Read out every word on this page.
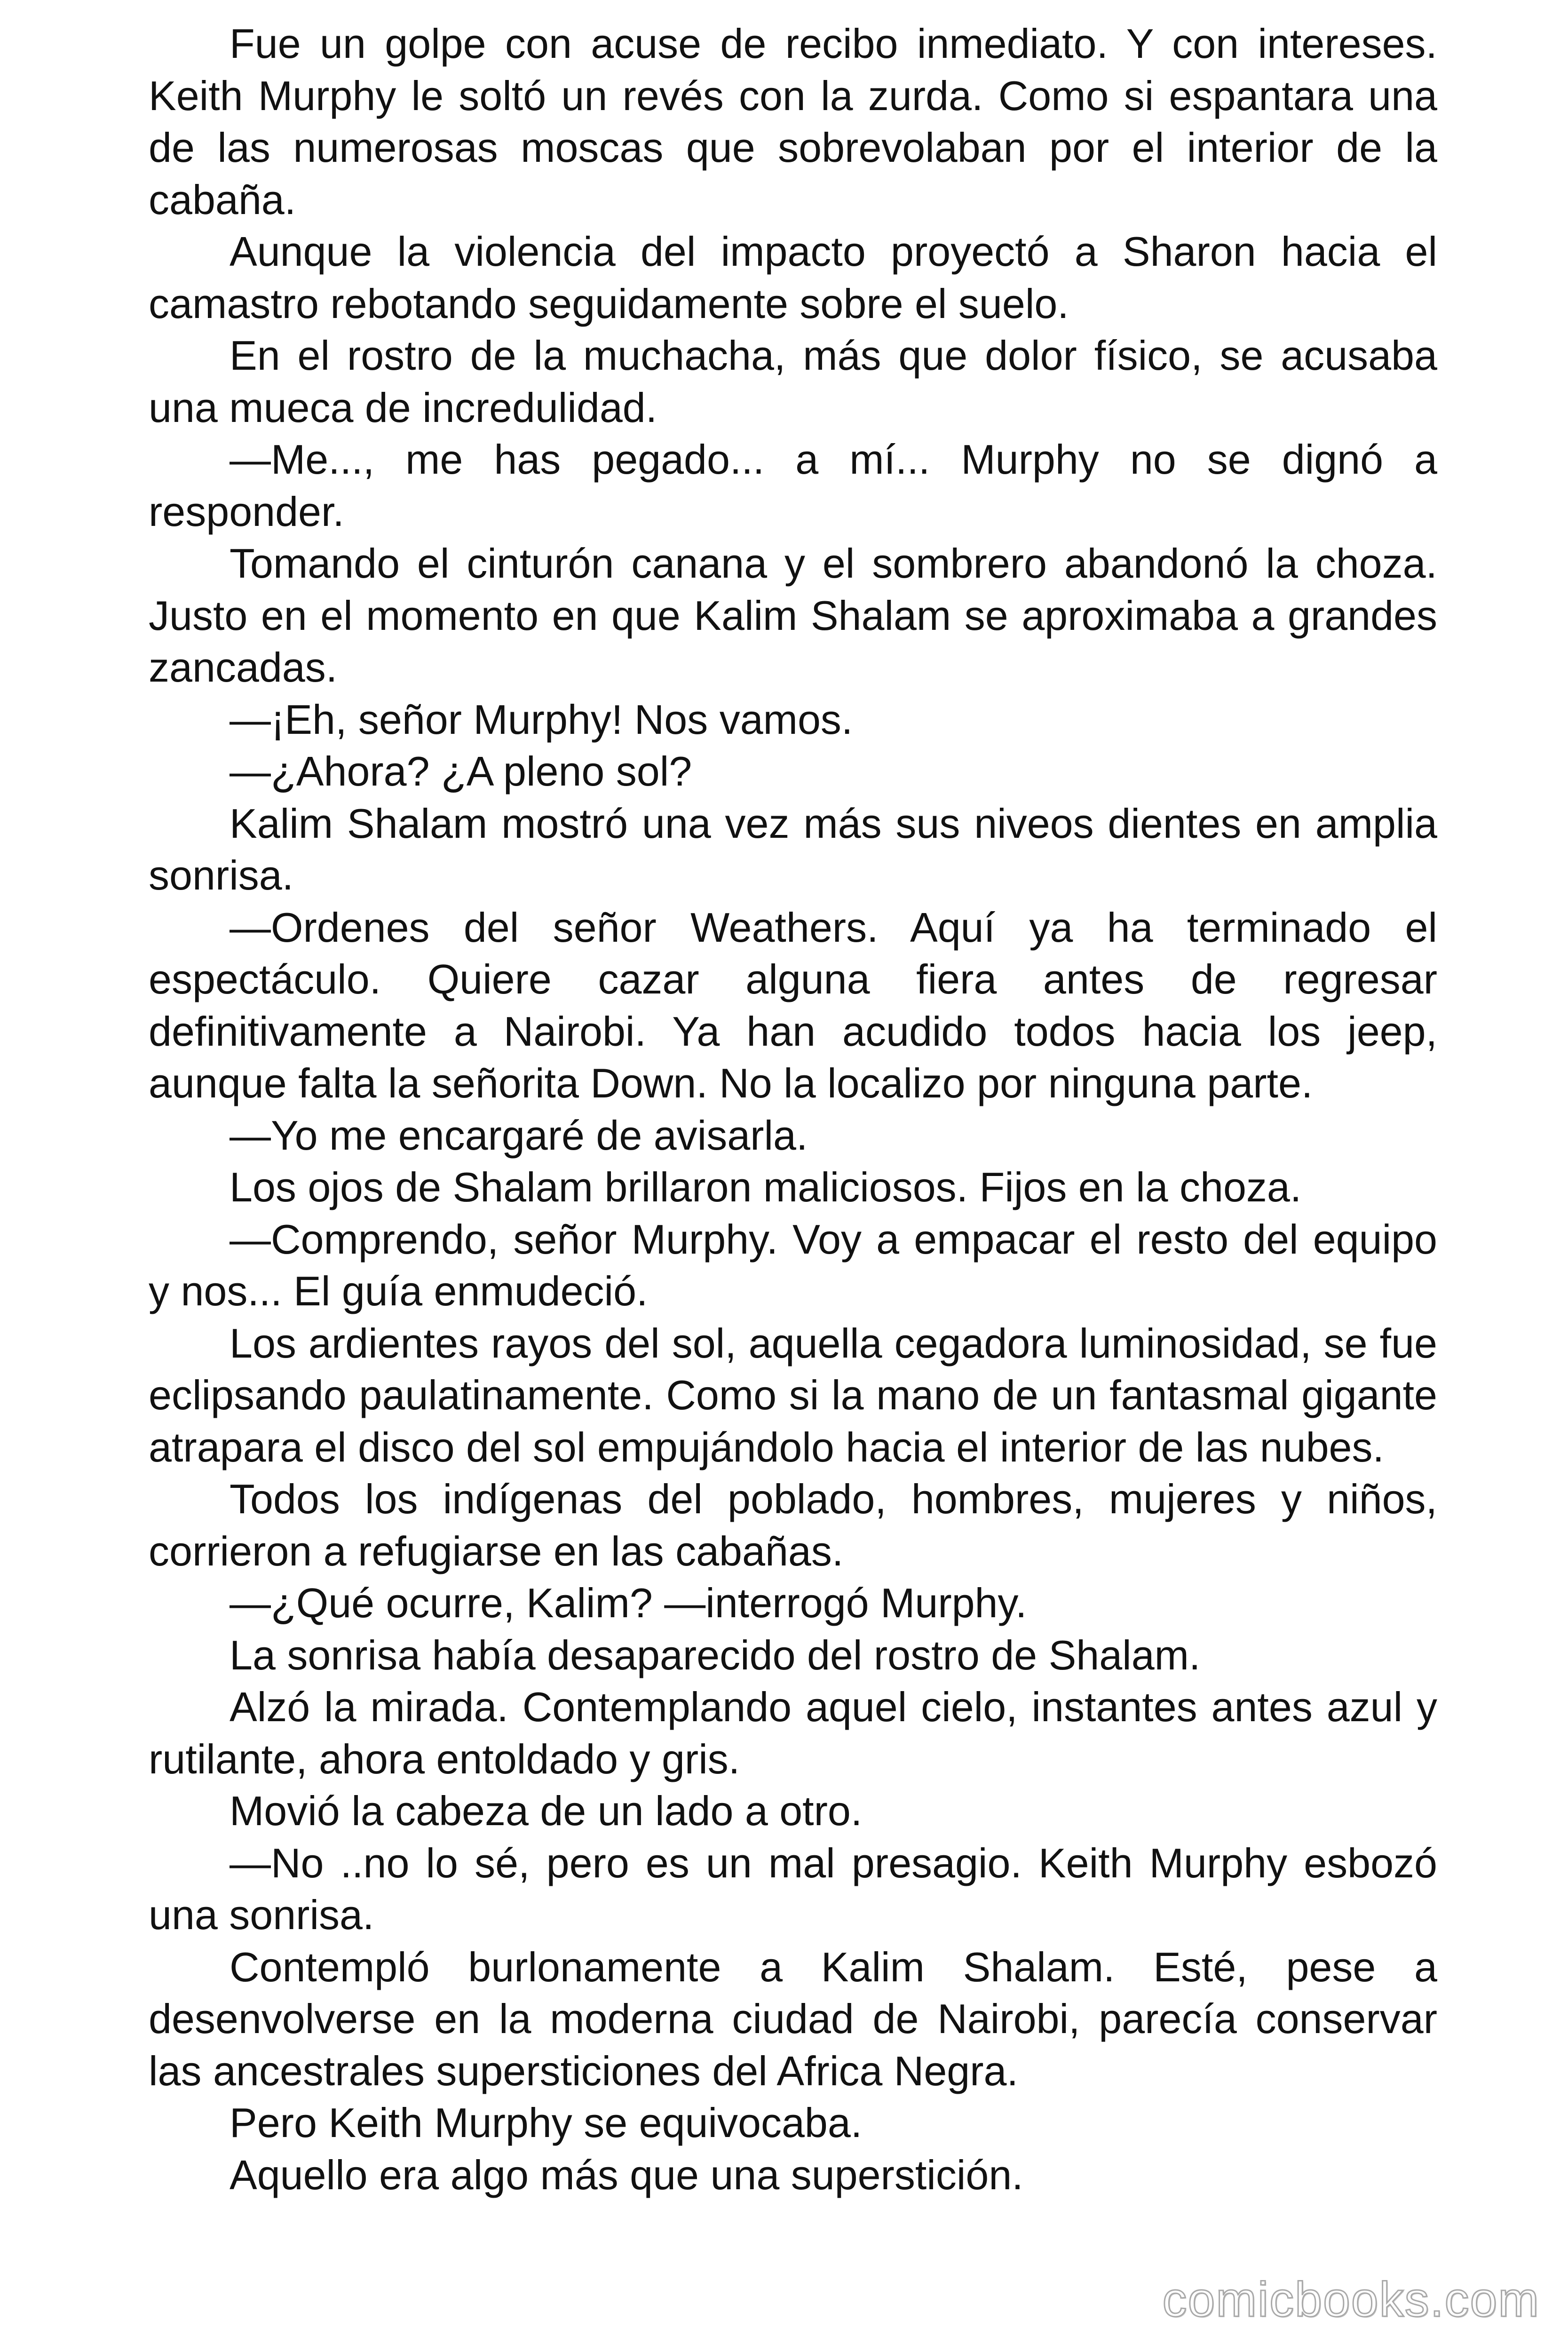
Fue un golpe con acuse de recibo inmediato. Y con intereses. Keith Murphy le soltó un revés con la zurda. Como si espantara una de las numerosas moscas que sobrevolaban por el interior de la cabaña.

Aunque la violencia del impacto proyectó a Sharon hacia el camastro rebotando seguidamente sobre el suelo.

En el rostro de la muchacha, más que dolor físico, se acusaba una mueca de incredulidad.

—Me..., me has pegado... a mí... Murphy no se dignó a responder.

Tomando el cinturón canana y el sombrero abandonó la choza. Justo en el momento en que Kalim Shalam se aproximaba a grandes zancadas.

—¡Eh, señor Murphy! Nos vamos.

—¿Ahora? ¿A pleno sol?

Kalim Shalam mostró una vez más sus niveos dientes en amplia sonrisa.

—Ordenes del señor Weathers. Aquí ya ha terminado el espectáculo. Quiere cazar alguna fiera antes de regresar definitivamente a Nairobi. Ya han acudido todos hacia los jeep, aunque falta la señorita Down. No la localizo por ninguna parte.

—Yo me encargaré de avisarla.

Los ojos de Shalam brillaron maliciosos. Fijos en la choza.

—Comprendo, señor Murphy. Voy a empacar el resto del equipo y nos... El guía enmudeció.

Los ardientes rayos del sol, aquella cegadora luminosidad, se fue eclipsando paulatinamente. Como si la mano de un fantasmal gigante atrapara el disco del sol empujándolo hacia el interior de las nubes.

Todos los indígenas del poblado, hombres, mujeres y niños, corrieron a refugiarse en las cabañas.

—¿Qué ocurre, Kalim? —interrogó Murphy.

La sonrisa había desaparecido del rostro de Shalam.

Alzó la mirada. Contemplando aquel cielo, instantes antes azul y rutilante, ahora entoldado y gris.

Movió la cabeza de un lado a otro.

—No ..no lo sé, pero es un mal presagio. Keith Murphy esbozó una sonrisa.

Contempló burlonamente a Kalim Shalam. Esté, pese a desenvolverse en la moderna ciudad de Nairobi, parecía conservar las ancestrales supersticiones del Africa Negra.

Pero Keith Murphy se equivocaba.

Aquello era algo más que una superstición.

comicbooks.com
